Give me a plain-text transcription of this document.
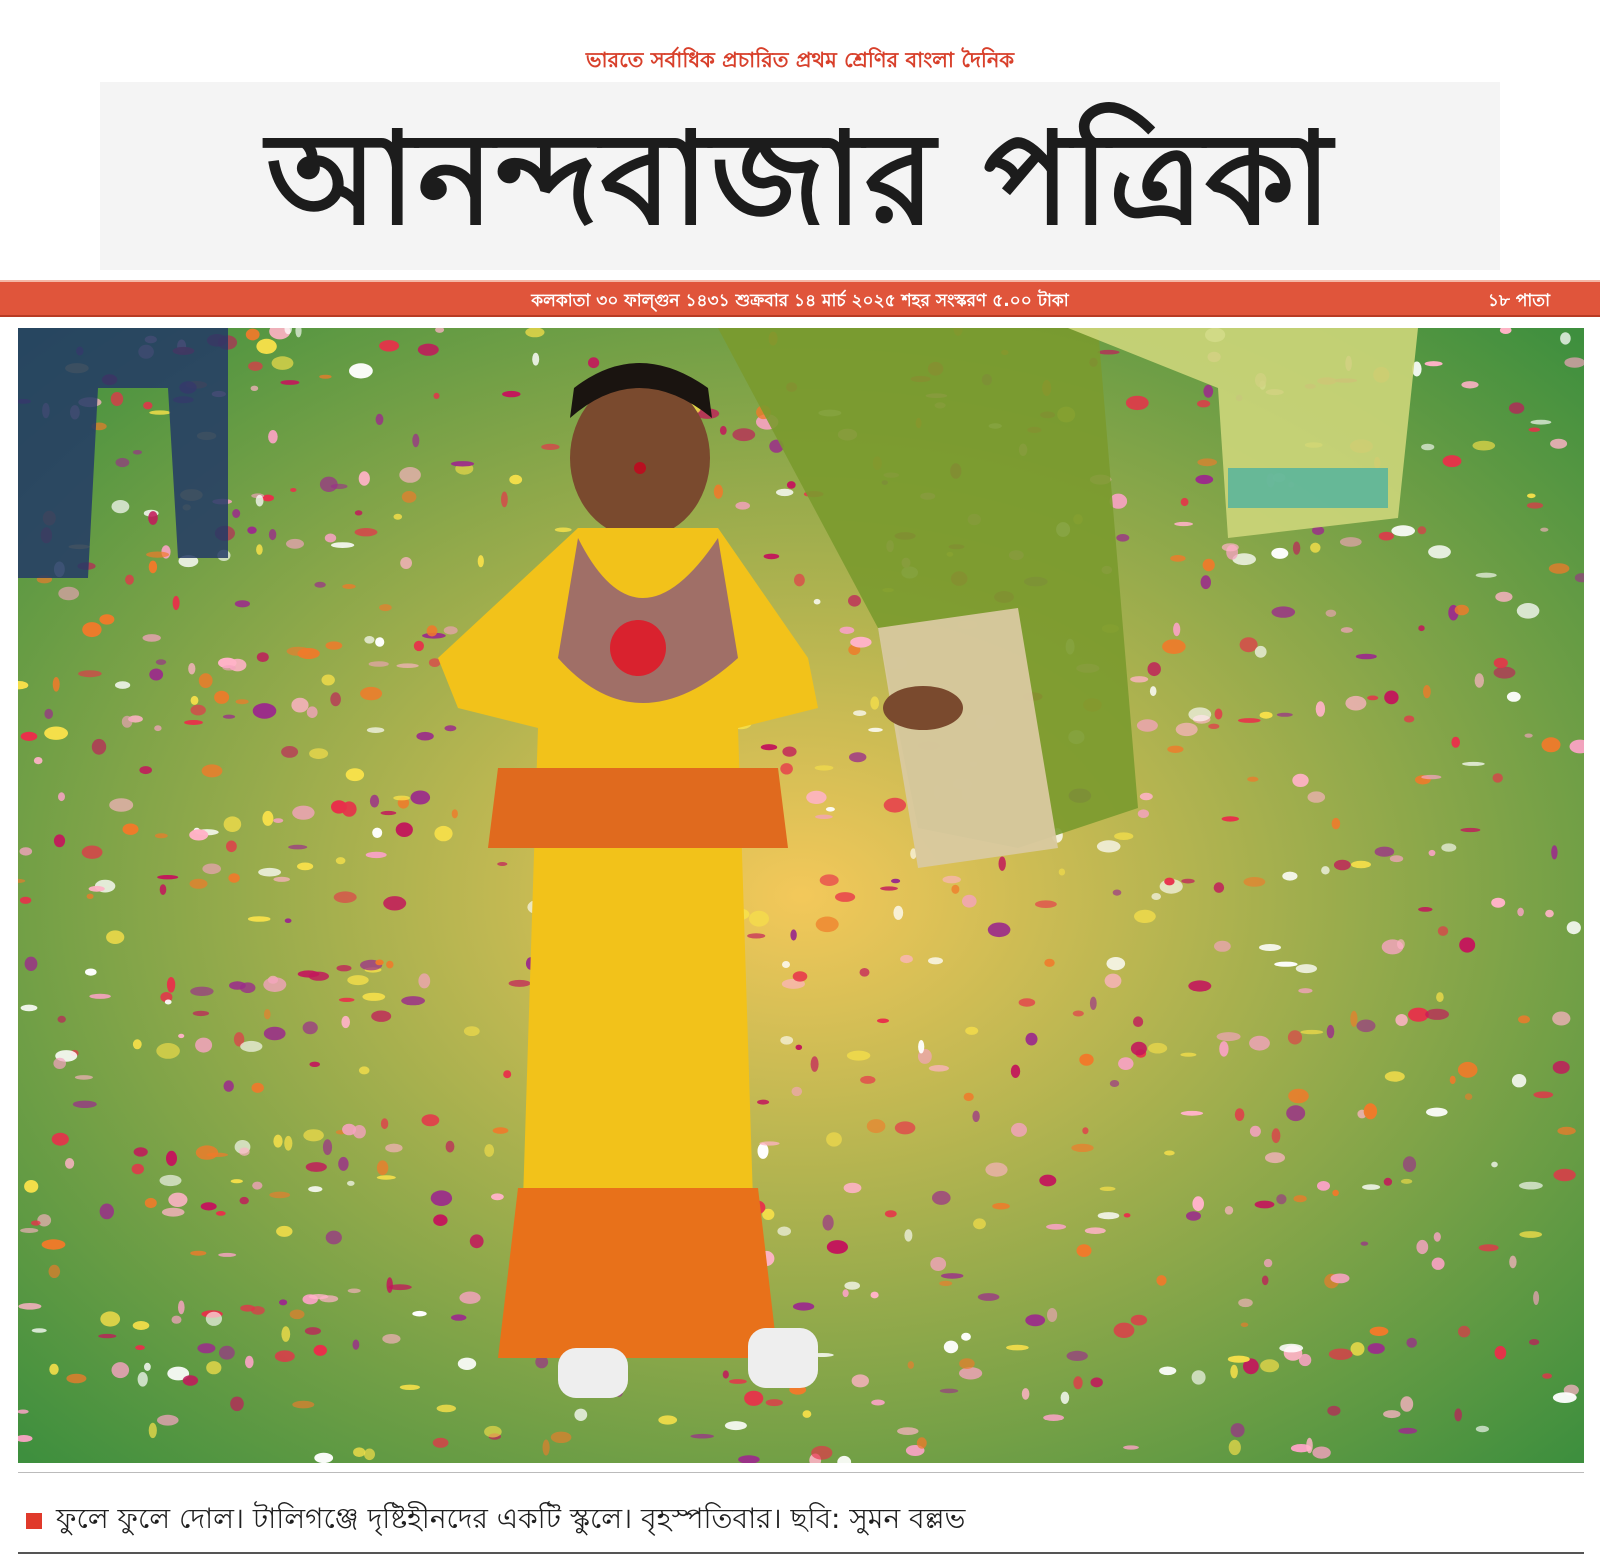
ভারতে সর্বাধিক প্রচারিত প্রথম শ্রেণির বাংলা দৈনিক
আনন্দবাজার পত্রিকা
কলকাতা ৩০ ফাল্গুন ১৪৩১ শুক্রবার ১৪ মার্চ ২০২৫ শহর সংস্করণ ৫.০০ টাকা	১৮ পাতা
ফুলে ফুলে দোল। টালিগঞ্জে দৃষ্টিহীনদের একটি স্কুলে। বৃহস্পতিবার। ছবি: সুমন বল্লভ
